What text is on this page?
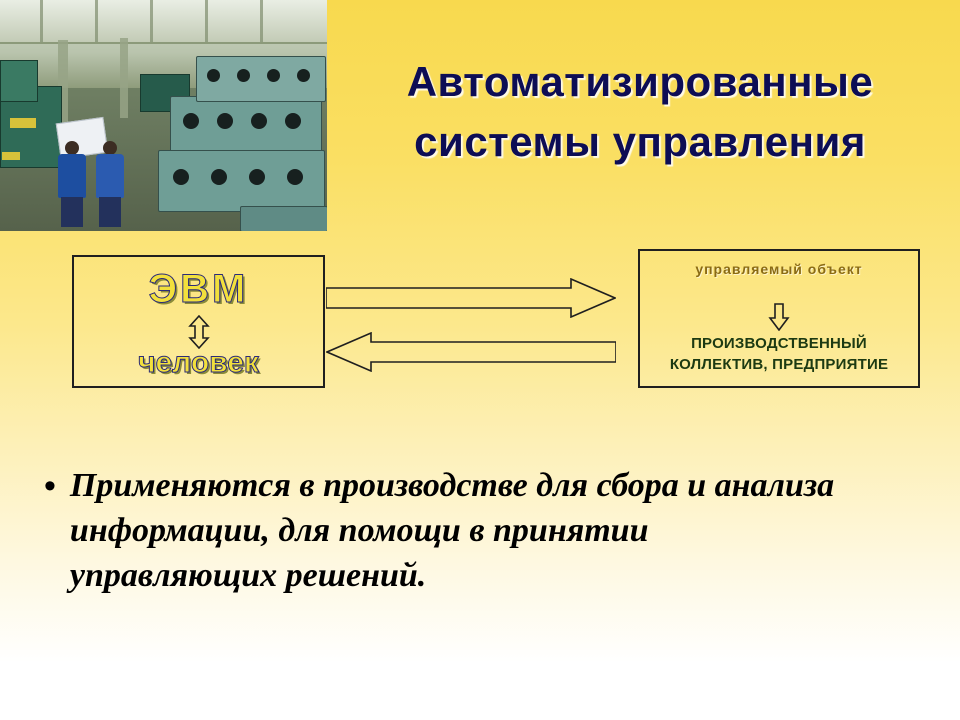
Автоматизированные системы управления
ЭВМ
человек
управляемый объект
ПРОИЗВОДСТВЕННЫЙ КОЛЛЕКТИВ, ПРЕДПРИЯТИЕ
• Применяются в производстве для сбора и анализа информации, для помощи в принятии управляющих решений.
